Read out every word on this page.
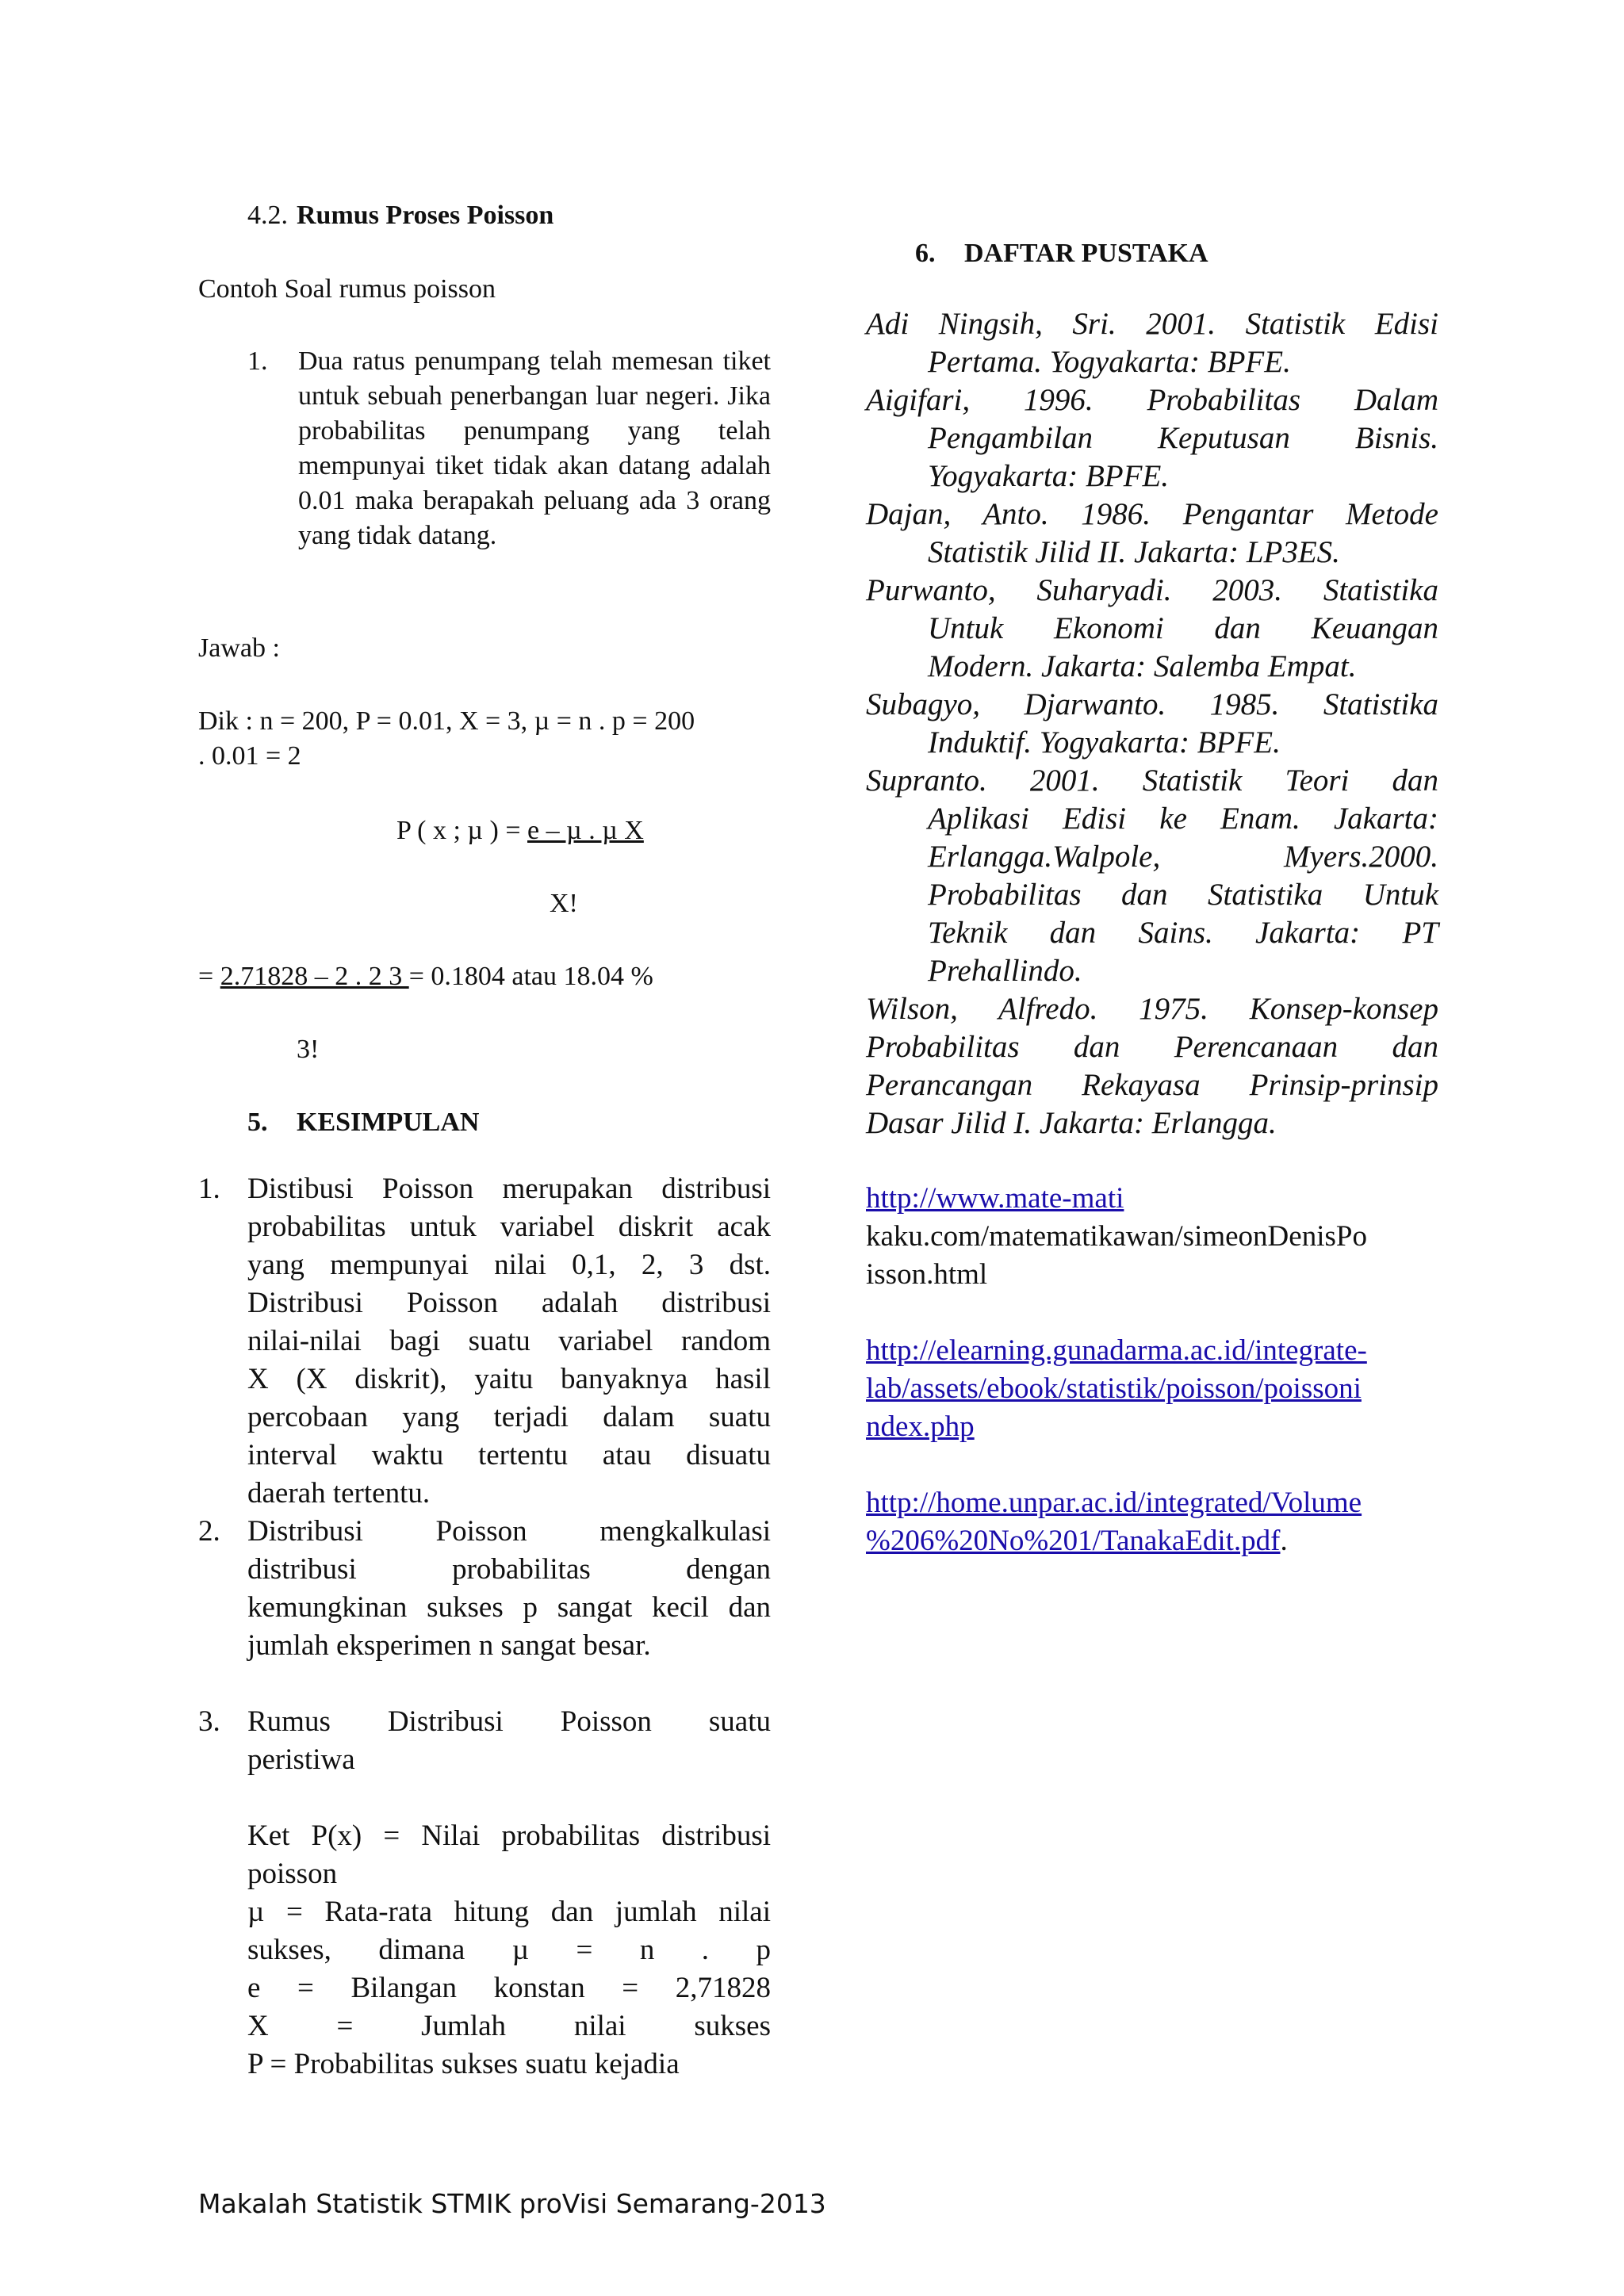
4.2. Rumus Proses Poisson
Contoh Soal rumus poisson
1. Dua ratus penumpang telah memesan tiket untuk sebuah penerbangan luar negeri. Jika probabilitas penumpang yang telah mempunyai tiket tidak akan datang adalah 0.01 maka berapakah peluang ada 3 orang yang tidak datang.
Jawab :
Dik : n = 200, P = 0.01, X = 3, µ = n . p = 200
. 0.01 = 2
P ( x ; µ ) = e – µ . µ X
X!
= 2.71828 – 2 . 2 3 = 0.1804 atau 18.04 %
3!
5. KESIMPULAN
1. Distibusi Poisson merupakan distribusi
probabilitas untuk variabel diskrit acak
yang mempunyai nilai 0,1, 2, 3 dst.
Distribusi Poisson adalah distribusi
nilai-nilai bagi suatu variabel random
X (X diskrit), yaitu banyaknya hasil
percobaan yang terjadi dalam suatu
interval waktu tertentu atau disuatu
daerah tertentu.
2. Distribusi Poisson mengkalkulasi
distribusi probabilitas dengan
kemungkinan sukses p sangat kecil dan
jumlah eksperimen n sangat besar.
3. Rumus Distribusi Poisson suatu
peristiwa
Ket P(x) = Nilai probabilitas distribusi
poisson
µ = Rata-rata hitung dan jumlah nilai
sukses, dimana µ = n . p
e = Bilangan konstan = 2,71828
X = Jumlah nilai sukses
P = Probabilitas sukses suatu kejadia
6. DAFTAR PUSTAKA
Adi Ningsih, Sri. 2001. Statistik Edisi
Pertama. Yogyakarta: BPFE.
Aigifari, 1996. Probabilitas Dalam
Pengambilan Keputusan Bisnis.
Yogyakarta: BPFE.
Dajan, Anto. 1986. Pengantar Metode
Statistik Jilid II. Jakarta: LP3ES.
Purwanto, Suharyadi. 2003. Statistika
Untuk Ekonomi dan Keuangan
Modern. Jakarta: Salemba Empat.
Subagyo, Djarwanto. 1985. Statistika
Induktif. Yogyakarta: BPFE.
Supranto. 2001. Statistik Teori dan
Aplikasi Edisi ke Enam. Jakarta:
Erlangga.Walpole, Myers.2000.
Probabilitas dan Statistika Untuk
Teknik dan Sains. Jakarta: PT
Prehallindo.
Wilson, Alfredo. 1975. Konsep-konsep
Probabilitas dan Perencanaan dan
Perancangan Rekayasa Prinsip-prinsip
Dasar Jilid I. Jakarta: Erlangga.
http://www.mate-mati
kaku.com/matematikawan/simeonDenisPo
isson.html
http://elearning.gunadarma.ac.id/integrate-
lab/assets/ebook/statistik/poisson/poissoni
ndex.php
http://home.unpar.ac.id/integrated/Volume
%206%20No%201/TanakaEdit.pdf.
Makalah Statistik STMIK proVisi Semarang-2013
